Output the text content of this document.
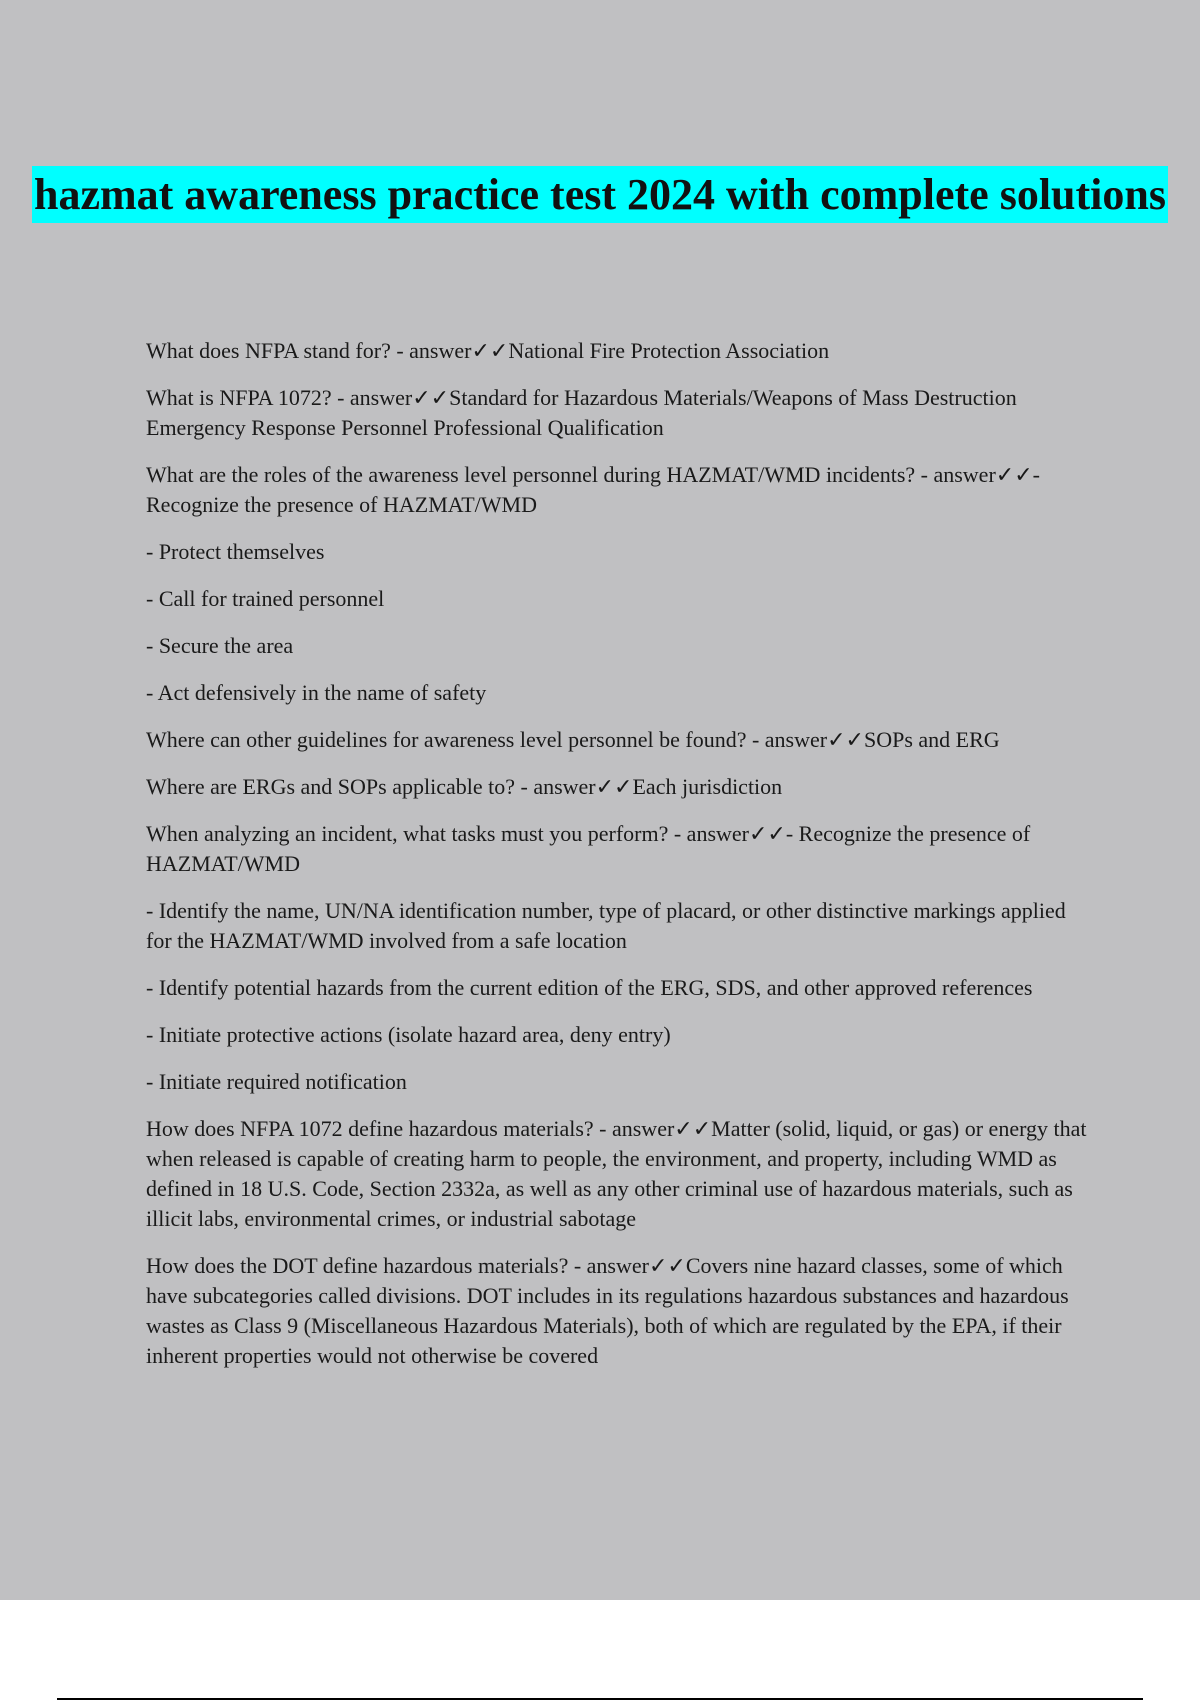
hazmat awareness practice test 2024 with complete solutions

What does NFPA stand for? - answer✓✓National Fire Protection Association

What is NFPA 1072? - answer✓✓Standard for Hazardous Materials/Weapons of Mass Destruction Emergency Response Personnel Professional Qualification

What are the roles of the awareness level personnel during HAZMAT/WMD incidents? - answer✓✓- Recognize the presence of HAZMAT/WMD

- Protect themselves

- Call for trained personnel

- Secure the area

- Act defensively in the name of safety

Where can other guidelines for awareness level personnel be found? - answer✓✓SOPs and ERG

Where are ERGs and SOPs applicable to? - answer✓✓Each jurisdiction

When analyzing an incident, what tasks must you perform? - answer✓✓- Recognize the presence of HAZMAT/WMD

- Identify the name, UN/NA identification number, type of placard, or other distinctive markings applied for the HAZMAT/WMD involved from a safe location

- Identify potential hazards from the current edition of the ERG, SDS, and other approved references

- Initiate protective actions (isolate hazard area, deny entry)

- Initiate required notification

How does NFPA 1072 define hazardous materials? - answer✓✓Matter (solid, liquid, or gas) or energy that when released is capable of creating harm to people, the environment, and property, including WMD as defined in 18 U.S. Code, Section 2332a, as well as any other criminal use of hazardous materials, such as illicit labs, environmental crimes, or industrial sabotage

How does the DOT define hazardous materials? - answer✓✓Covers nine hazard classes, some of which have subcategories called divisions. DOT includes in its regulations hazardous substances and hazardous wastes as Class 9 (Miscellaneous Hazardous Materials), both of which are regulated by the EPA, if their inherent properties would not otherwise be covered
